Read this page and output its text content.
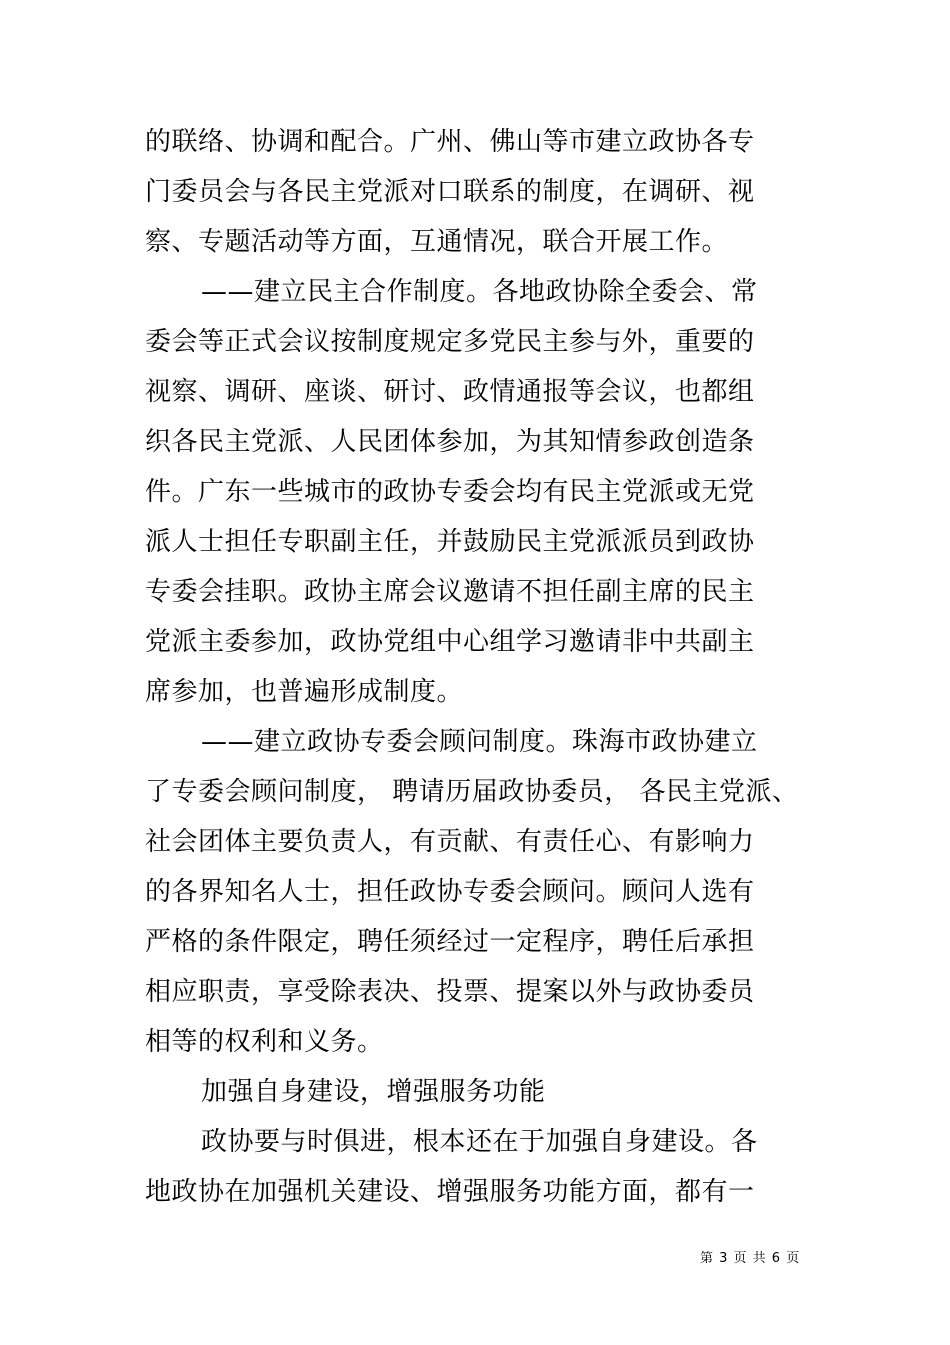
的联络、协调和配合。广州、佛山等市建立政协各专
门委员会与各民主党派对口联系的制度，在调研、视
察、专题活动等方面，互通情况，联合开展工作。
——建立民主合作制度。各地政协除全委会、常
委会等正式会议按制度规定多党民主参与外，重要的
视察、调研、座谈、研讨、政情通报等会议，也都组
织各民主党派、人民团体参加，为其知情参政创造条
件。广东一些城市的政协专委会均有民主党派或无党
派人士担任专职副主任，并鼓励民主党派派员到政协
专委会挂职。政协主席会议邀请不担任副主席的民主
党派主委参加，政协党组中心组学习邀请非中共副主
席参加，也普遍形成制度。
——建立政协专委会顾问制度。珠海市政协建立
了专委会顾问制度， 聘请历届政协委员， 各民主党派、
社会团体主要负责人，有贡献、有责任心、有影响力
的各界知名人士，担任政协专委会顾问。顾问人选有
严格的条件限定，聘任须经过一定程序，聘任后承担
相应职责，享受除表决、投票、提案以外与政协委员
相等的权利和义务。
加强自身建设，增强服务功能
政协要与时俱进，根本还在于加强自身建设。各
地政协在加强机关建设、增强服务功能方面，都有一
第 3 页 共 6 页
